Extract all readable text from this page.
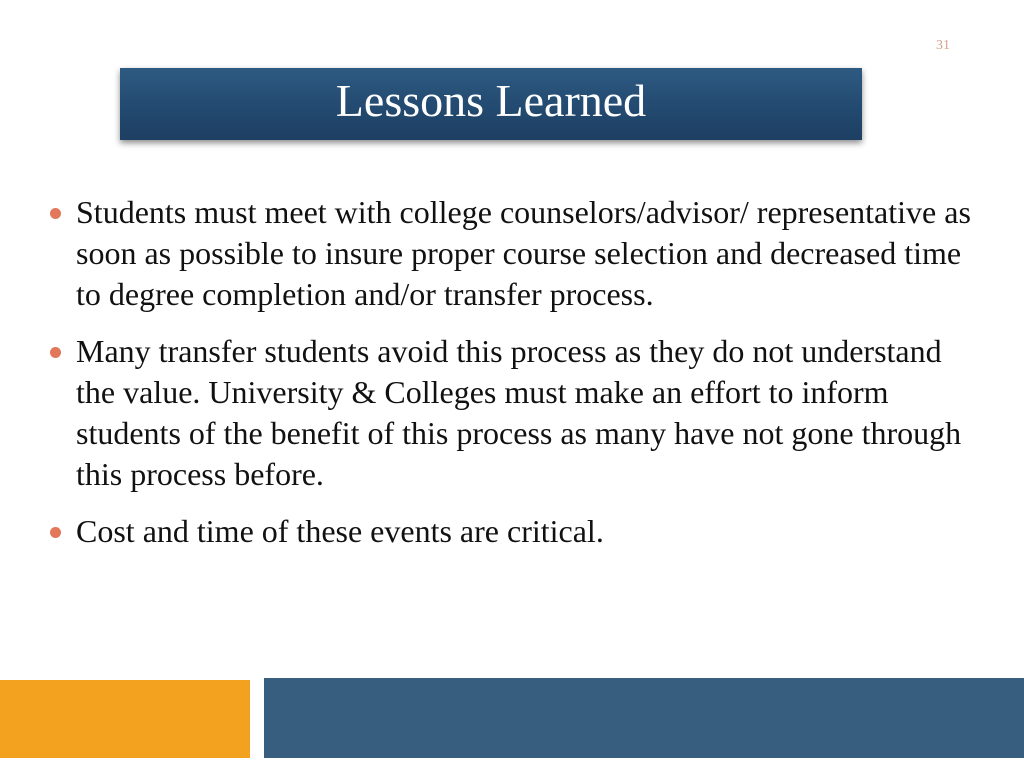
31
Lessons Learned
Students must meet with college counselors/advisor/ representative as soon as possible to insure proper course selection and decreased time to degree completion and/or transfer process.
Many transfer students avoid this process as they do not understand the value. University & Colleges must make an effort to inform students of the benefit of this process as many have not gone through this process before.
Cost and time of these events are critical.
